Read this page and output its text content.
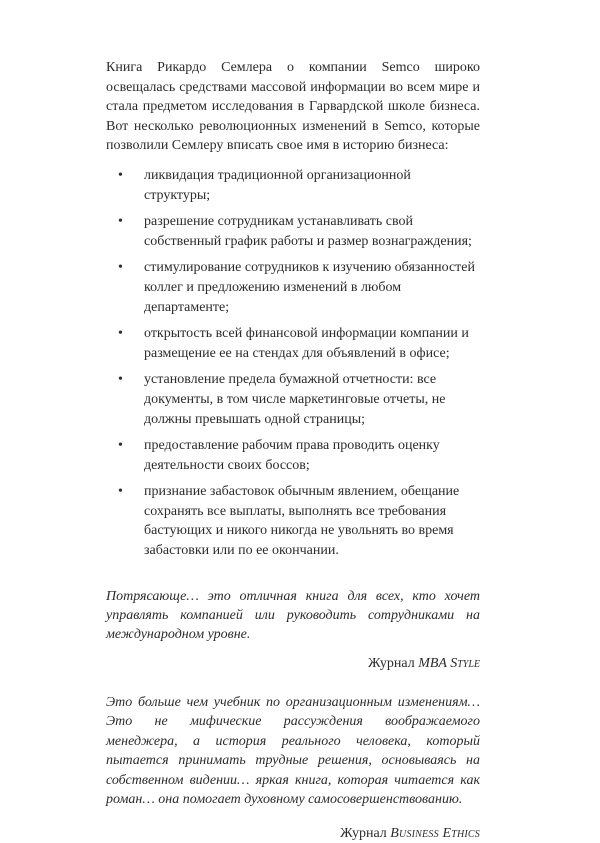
Книга Рикардо Семлера о компании Semco широко освещалась средствами массовой информации во всем мире и стала предметом исследования в Гарвардской школе бизнеса. Вот несколько революционных изменений в Semco, которые позволили Семлеру вписать свое имя в историю бизнеса:

• ликвидация традиционной организационной структуры;
• разрешение сотрудникам устанавливать свой собственный график работы и размер вознаграждения;
• стимулирование сотрудников к изучению обязанностей коллег и предложению изменений в любом департаменте;
• открытость всей финансовой информации компании и размещение ее на стендах для объявлений в офисе;
• установление предела бумажной отчетности: все документы, в том числе маркетинговые отчеты, не должны превышать одной страницы;
• предоставление рабочим права проводить оценку деятельности своих боссов;
• признание забастовок обычным явлением, обещание сохранять все выплаты, выполнять все требования бастующих и никого никогда не увольнять во время забастовки или по ее окончании.

Потрясающе… это отличная книга для всех, кто хочет управлять компанией или руководить сотрудниками на международном уровне.

Журнал MBA Style

Это больше чем учебник по организационным изменениям… Это не мифические рассуждения воображаемого менеджера, а история реального человека, который пытается принимать трудные решения, основываясь на собственном видении… яркая книга, которая читается как роман… она помогает духовному самосовершенствованию.

Журнал Business Ethics
